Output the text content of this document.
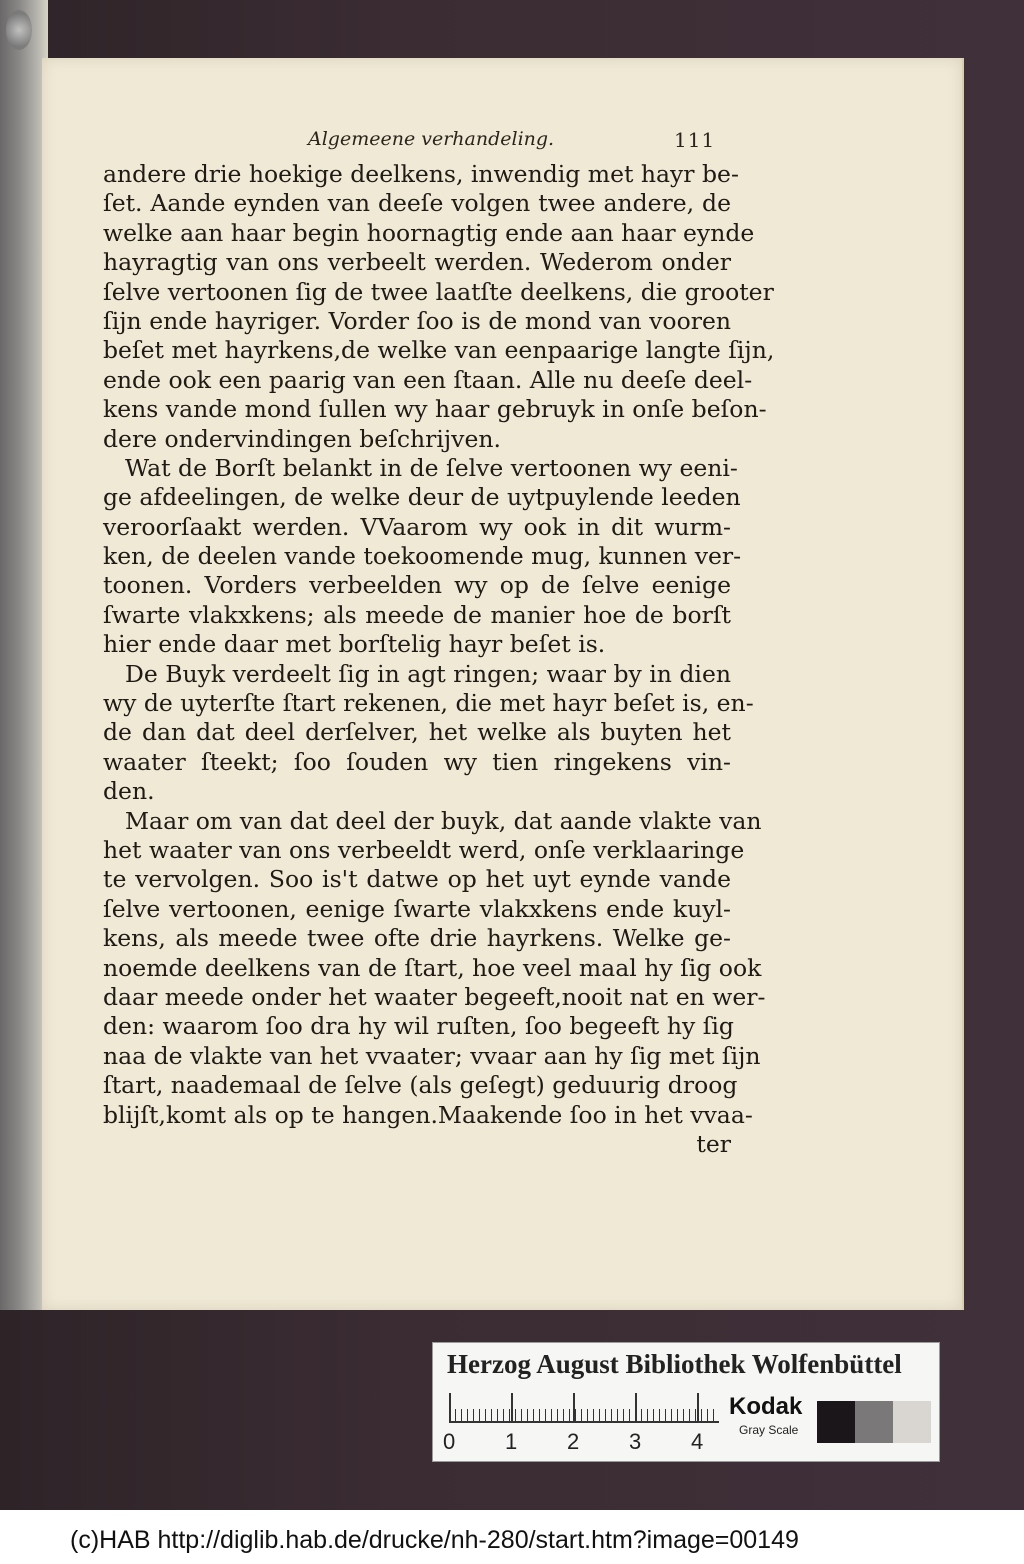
Algemeene verhandeling.	111
andere drie hoekige deelkens, inwendig met hayr be-
ſet. Aande eynden van deeſe volgen twee andere, de
welke aan haar begin hoornagtig ende aan haar eynde
hayragtig van ons verbeelt werden. Wederom onder
ſelve vertoonen ſig de twee laatſte deelkens, die grooter
ſijn ende hayriger. Vorder ſoo is de mond van vooren
beſet met hayrkens,de welke van eenpaarige langte ſijn,
ende ook een paarig van een ſtaan. Alle nu deeſe deel-
kens vande mond ſullen wy haar gebruyk in onſe beſon-
dere ondervindingen beſchrijven.
Wat de Borſt belankt in de ſelve vertoonen wy eeni-
ge afdeelingen, de welke deur de uytpuylende leeden
veroorſaakt werden. VVaarom wy ook in dit wurm-
ken, de deelen vande toekoomende mug, kunnen ver-
toonen. Vorders verbeelden wy op de ſelve eenige
ſwarte vlakxkens; als meede de manier hoe de borſt
hier ende daar met borſtelig hayr beſet is.
De Buyk verdeelt ſig in agt ringen; waar by in dien
wy de uyterſte ſtart rekenen, die met hayr beſet is, en-
de dan dat deel derſelver, het welke als buyten het
waater ſteekt; ſoo ſouden wy tien ringekens vin-
den.
Maar om van dat deel der buyk, dat aande vlakte van
het waater van ons verbeeldt werd, onſe verklaaringe
te vervolgen. Soo is't datwe op het uyt eynde vande
ſelve vertoonen, eenige ſwarte vlakxkens ende kuyl-
kens, als meede twee ofte drie hayrkens. Welke ge-
noemde deelkens van de ſtart, hoe veel maal hy ſig ook
daar meede onder het waater begeeft,nooit nat en wer-
den: waarom ſoo dra hy wil ruſten, ſoo begeeft hy ſig
naa de vlakte van het vvaater; vvaar aan hy ſig met ſijn
ſtart, naademaal de ſelve (als geſegt) geduurig droog
blijſt,komt als op te hangen.Maakende ſoo in het vvaa-
ter
Herzog August Bibliothek Wolfenbüttel
0 1 2 3 4
Kodak
Gray Scale
(c)HAB http://diglib.hab.de/drucke/nh-280/start.htm?image=00149
